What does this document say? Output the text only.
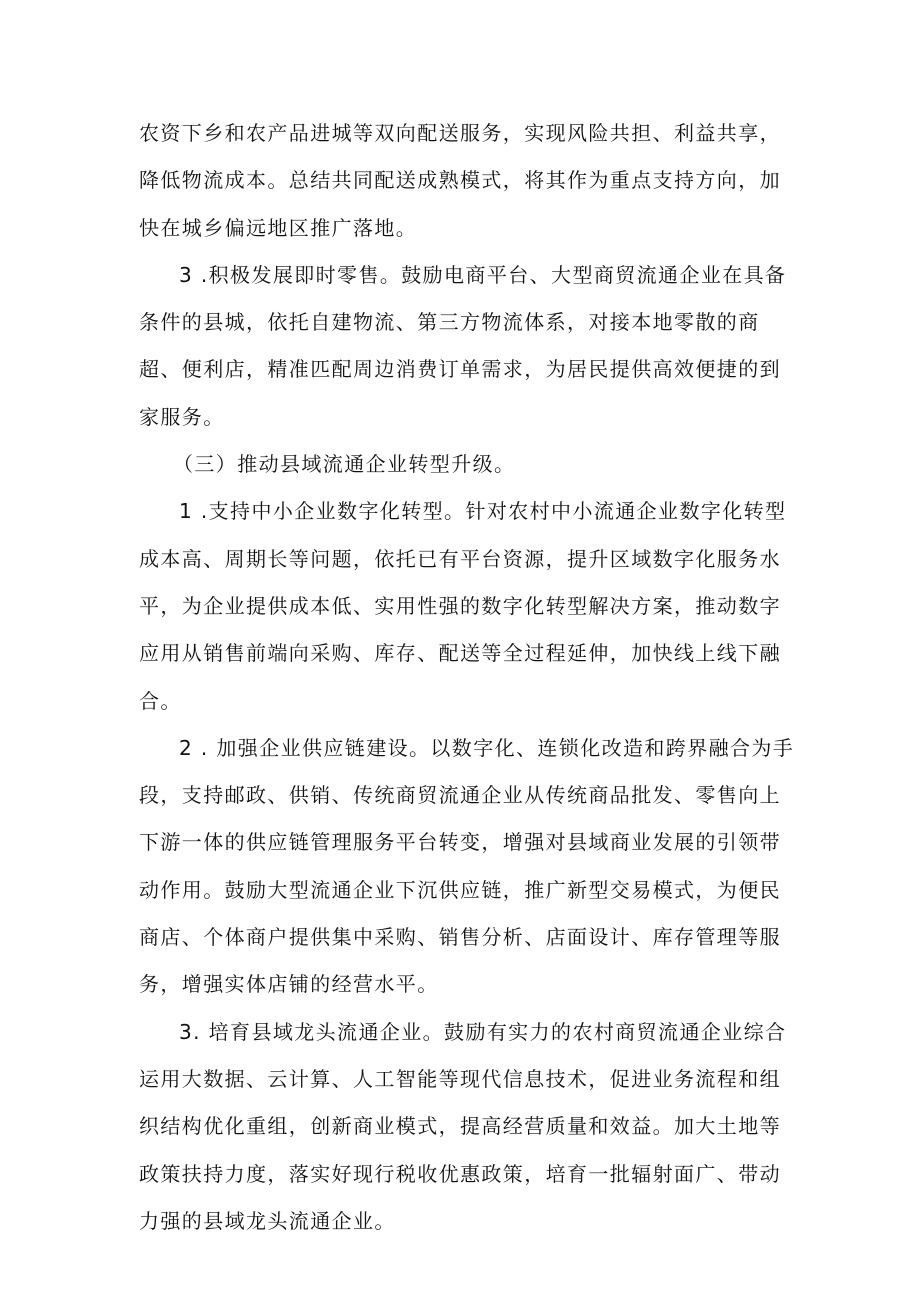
农资下乡和农产品进城等双向配送服务，实现风险共担、利益共享，降低物流成本。总结共同配送成熟模式，将其作为重点支持方向，加快在城乡偏远地区推广落地。

3 .积极发展即时零售。鼓励电商平台、大型商贸流通企业在具备条件的县城，依托自建物流、第三方物流体系，对接本地零散的商超、便利店，精准匹配周边消费订单需求，为居民提供高效便捷的到家服务。

（三）推动县域流通企业转型升级。

1 .支持中小企业数字化转型。针对农村中小流通企业数字化转型成本高、周期长等问题，依托已有平台资源，提升区域数字化服务水平，为企业提供成本低、实用性强的数字化转型解决方案，推动数字应用从销售前端向采购、库存、配送等全过程延伸，加快线上线下融合。

2 . 加强企业供应链建设。以数字化、连锁化改造和跨界融合为手段，支持邮政、供销、传统商贸流通企业从传统商品批发、零售向上下游一体的供应链管理服务平台转变，增强对县域商业发展的引领带动作用。鼓励大型流通企业下沉供应链，推广新型交易模式，为便民商店、个体商户提供集中采购、销售分析、店面设计、库存管理等服务，增强实体店铺的经营水平。

3. 培育县域龙头流通企业。鼓励有实力的农村商贸流通企业综合运用大数据、云计算、人工智能等现代信息技术，促进业务流程和组织结构优化重组，创新商业模式，提高经营质量和效益。加大土地等政策扶持力度，落实好现行税收优惠政策，培育一批辐射面广、带动力强的县域龙头流通企业。
